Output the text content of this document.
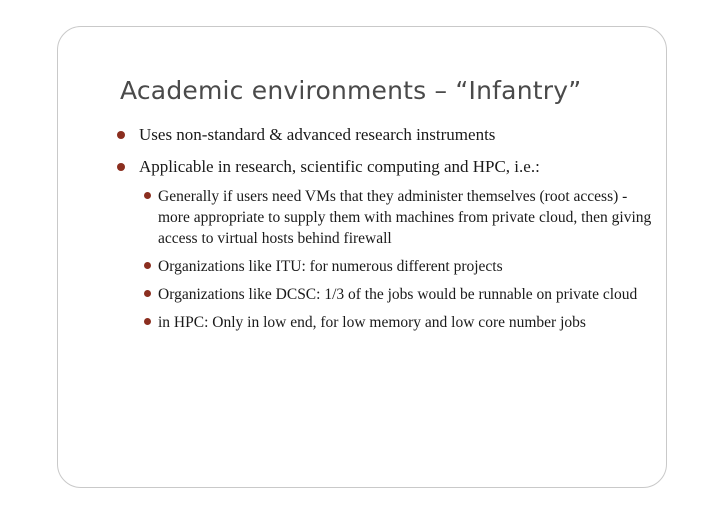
Academic environments – “Infantry”
Uses non-standard & advanced research instruments
Applicable in research, scientific computing and HPC, i.e.:
Generally if users need VMs that they administer themselves (root access) - more appropriate to supply them with machines from private cloud, then giving access to virtual hosts behind firewall
Organizations like ITU: for numerous different projects
Organizations like DCSC: 1/3 of the jobs would be runnable on private cloud
in HPC: Only in low end, for low memory and low core number jobs
